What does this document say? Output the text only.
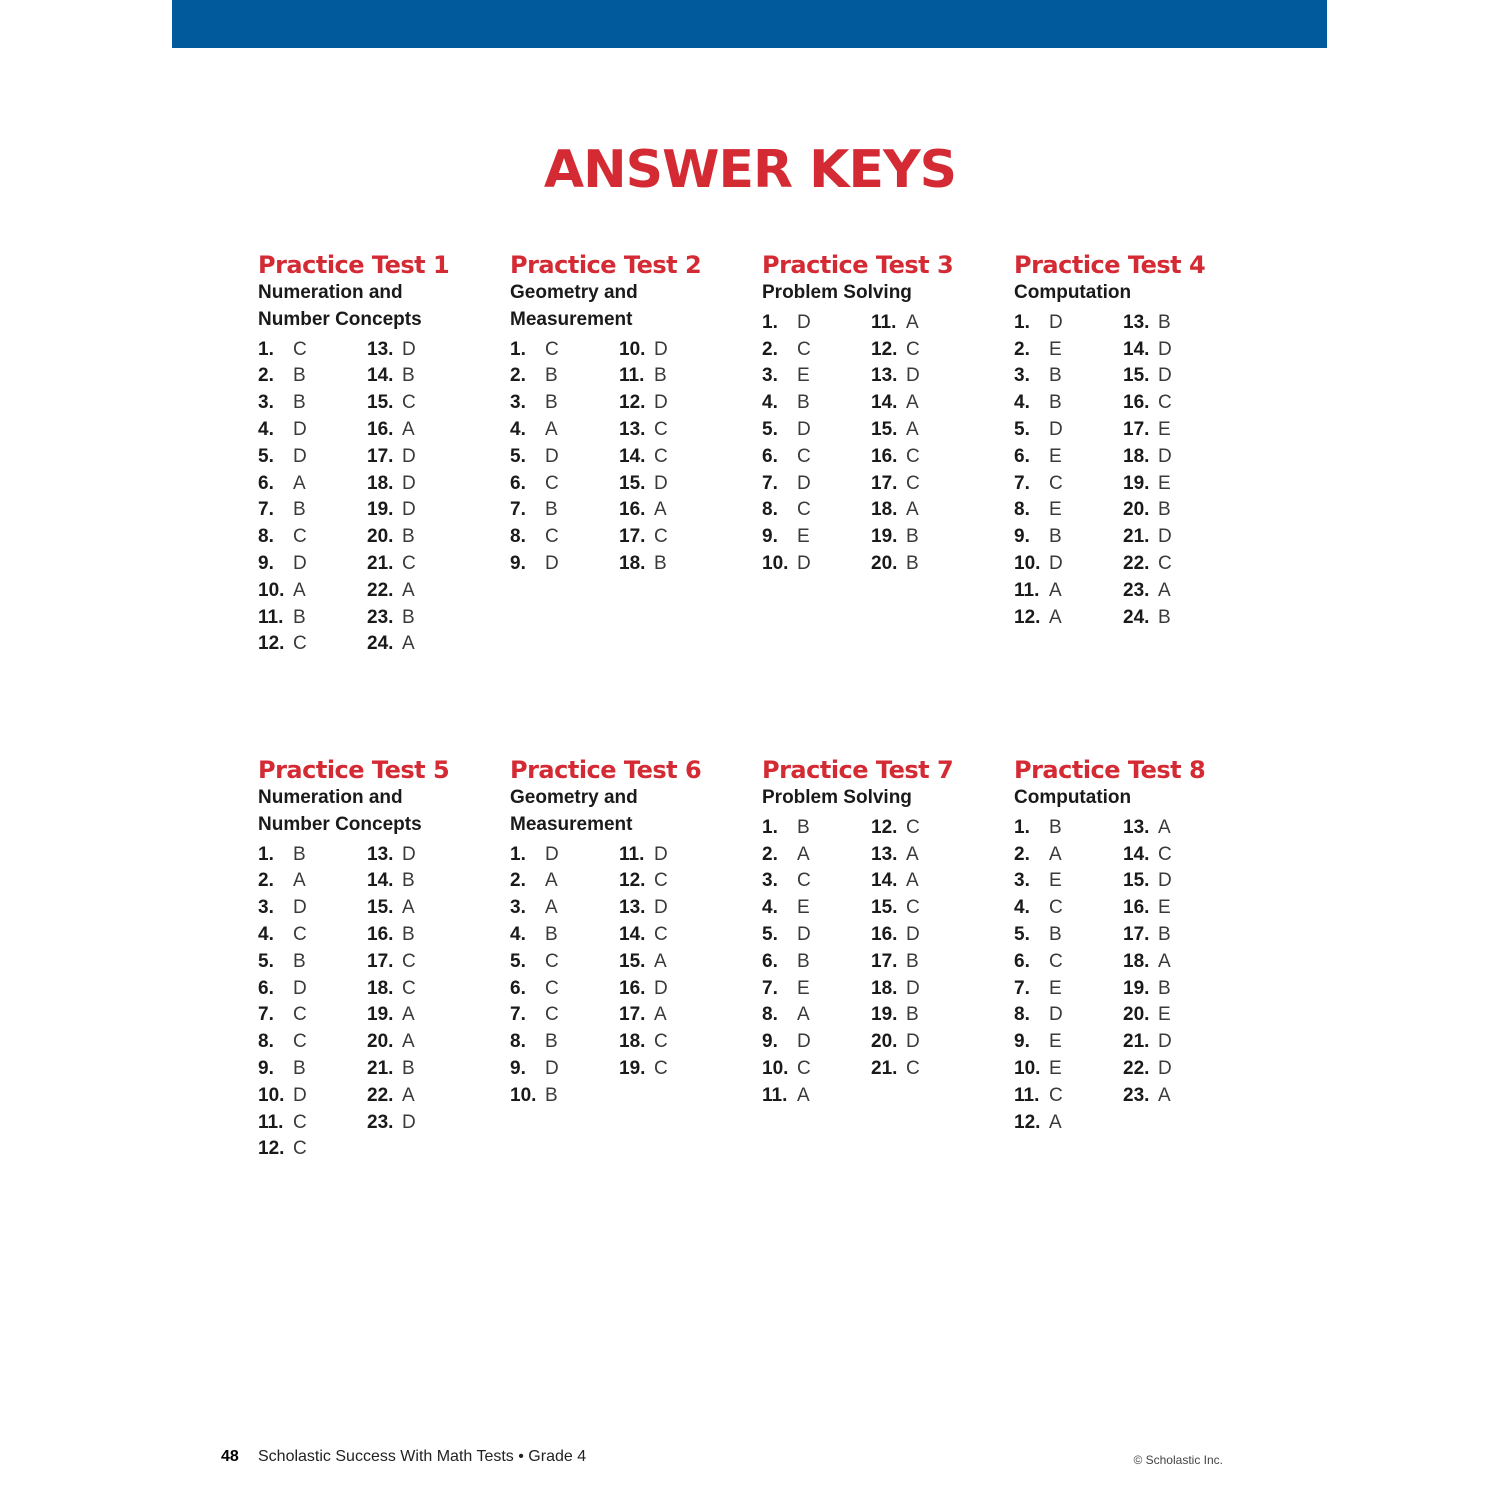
ANSWER KEYS
Practice Test 1
Numeration and
Number Concepts
1. C
2. B
3. B
4. D
5. D
6. A
7. B
8. C
9. D
10. A
11. B
12. C
13. D
14. B
15. C
16. A
17. D
18. D
19. D
20. B
21. C
22. A
23. B
24. A
Practice Test 2
Geometry and
Measurement
1. C
2. B
3. B
4. A
5. D
6. C
7. B
8. C
9. D
10. D
11. B
12. D
13. C
14. C
15. D
16. A
17. C
18. B
Practice Test 3
Problem Solving
1. D
2. C
3. E
4. B
5. D
6. C
7. D
8. C
9. E
10. D
11. A
12. C
13. D
14. A
15. A
16. C
17. C
18. A
19. B
20. B
Practice Test 4
Computation
1. D
2. E
3. B
4. B
5. D
6. E
7. C
8. E
9. B
10. D
11. A
12. A
13. B
14. D
15. D
16. C
17. E
18. D
19. E
20. B
21. D
22. C
23. A
24. B
Practice Test 5
Numeration and
Number Concepts
1. B
2. A
3. D
4. C
5. B
6. D
7. C
8. C
9. B
10. D
11. C
12. C
13. D
14. B
15. A
16. B
17. C
18. C
19. A
20. A
21. B
22. A
23. D
Practice Test 6
Geometry and
Measurement
1. D
2. A
3. A
4. B
5. C
6. C
7. C
8. B
9. D
10. B
11. D
12. C
13. D
14. C
15. A
16. D
17. A
18. C
19. C
Practice Test 7
Problem Solving
1. B
2. A
3. C
4. E
5. D
6. B
7. E
8. A
9. D
10. C
11. A
12. C
13. A
14. A
15. C
16. D
17. B
18. D
19. B
20. D
21. C
Practice Test 8
Computation
1. B
2. A
3. E
4. C
5. B
6. C
7. E
8. D
9. E
10. E
11. C
12. A
13. A
14. C
15. D
16. E
17. B
18. A
19. B
20. E
21. D
22. D
23. A
48 Scholastic Success With Math Tests • Grade 4	© Scholastic Inc.
